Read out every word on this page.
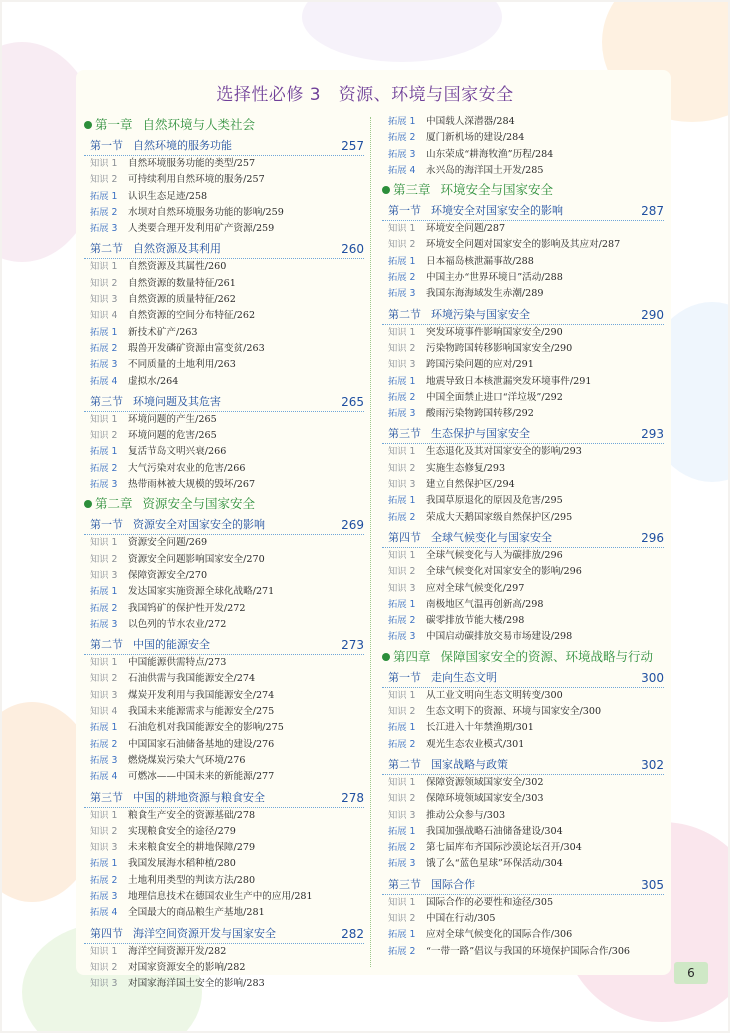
选择性必修 3　资源、环境与国家安全
第一章 自然环境与人类社会
第一节 自然环境的服务功能	257
知识 1 自然环境服务功能的类型/257
知识 2 可持续利用自然环境的服务/257
拓展 1 认识生态足迹/258
拓展 2 水坝对自然环境服务功能的影响/259
拓展 3 人类要合理开发利用矿产资源/259
第二节 自然资源及其利用	260
知识 1 自然资源及其属性/260
知识 2 自然资源的数量特征/261
知识 3 自然资源的质量特征/262
知识 4 自然资源的空间分布特征/262
拓展 1 新技术矿产/263
拓展 2 瑕兽开发磷矿资源由富变贫/263
拓展 3 不同质量的土地利用/263
拓展 4 虚拟水/264
第三节 环境问题及其危害	265
知识 1 环境问题的产生/265
知识 2 环境问题的危害/265
拓展 1 复活节岛文明兴衰/266
拓展 2 大气污染对农业的危害/266
拓展 3 热带雨林被大规模的毁坏/267
第二章 资源安全与国家安全
第一节 资源安全对国家安全的影响	269
知识 1 资源安全问题/269
知识 2 资源安全问题影响国家安全/270
知识 3 保障资源安全/270
拓展 1 发达国家实施资源全球化战略/271
拓展 2 我国钨矿的保护性开发/272
拓展 3 以色列的节水农业/272
第二节 中国的能源安全	273
知识 1 中国能源供需特点/273
知识 2 石油供需与我国能源安全/274
知识 3 煤炭开发利用与我国能源安全/274
知识 4 我国未来能源需求与能源安全/275
拓展 1 石油危机对我国能源安全的影响/275
拓展 2 中国国家石油储备基地的建设/276
拓展 3 燃烧煤炭污染大气环境/276
拓展 4 可燃冰——中国未来的新能源/277
第三节 中国的耕地资源与粮食安全	278
知识 1 粮食生产安全的资源基础/278
知识 2 实现粮食安全的途径/279
知识 3 未来粮食安全的耕地保障/279
拓展 1 我国发展海水稻种植/280
拓展 2 土地利用类型的判读方法/280
拓展 3 地理信息技术在德国农业生产中的应用/281
拓展 4 全国最大的商品粮生产基地/281
第四节 海洋空间资源开发与国家安全	282
知识 1 海洋空间资源开发/282
知识 2 对国家资源安全的影响/282
知识 3 对国家海洋国土安全的影响/283
拓展 1 中国载人深潜器/284
拓展 2 厦门新机场的建设/284
拓展 3 山东荣成“耕海牧渔”历程/284
拓展 4 永兴岛的海洋国土开发/285
第三章 环境安全与国家安全
第一节 环境安全对国家安全的影响	287
知识 1 环境安全问题/287
知识 2 环境安全问题对国家安全的影响及其应对/287
拓展 1 日本福岛核泄漏事故/288
拓展 2 中国主办“世界环境日”活动/288
拓展 3 我国东海海域发生赤潮/289
第二节 环境污染与国家安全	290
知识 1 突发环境事件影响国家安全/290
知识 2 污染物跨国转移影响国家安全/290
知识 3 跨国污染问题的应对/291
拓展 1 地震导致日本核泄漏突发环境事件/291
拓展 2 中国全面禁止进口“洋垃圾”/292
拓展 3 酸雨污染物跨国转移/292
第三节 生态保护与国家安全	293
知识 1 生态退化及其对国家安全的影响/293
知识 2 实施生态修复/293
知识 3 建立自然保护区/294
拓展 1 我国草原退化的原因及危害/295
拓展 2 荣成大天鹅国家级自然保护区/295
第四节 全球气候变化与国家安全	296
知识 1 全球气候变化与人为碳排放/296
知识 2 全球气候变化对国家安全的影响/296
知识 3 应对全球气候变化/297
拓展 1 南极地区气温再创新高/298
拓展 2 碳零排放节能大楼/298
拓展 3 中国启动碳排放交易市场建设/298
第四章 保障国家安全的资源、环境战略与行动
第一节 走向生态文明	300
知识 1 从工业文明向生态文明转变/300
知识 2 生态文明下的资源、环境与国家安全/300
拓展 1 长江进入十年禁渔期/301
拓展 2 观光生态农业模式/301
第二节 国家战略与政策	302
知识 1 保障资源领域国家安全/302
知识 2 保障环境领域国家安全/303
知识 3 推动公众参与/303
拓展 1 我国加强战略石油储备建设/304
拓展 2 第七届库布齐国际沙漠论坛召开/304
拓展 3 饿了么“蓝色星球”环保活动/304
第三节 国际合作	305
知识 1 国际合作的必要性和途径/305
知识 2 中国在行动/305
拓展 1 应对全球气候变化的国际合作/306
拓展 2 “一带一路”倡议与我国的环境保护国际合作/306
6
